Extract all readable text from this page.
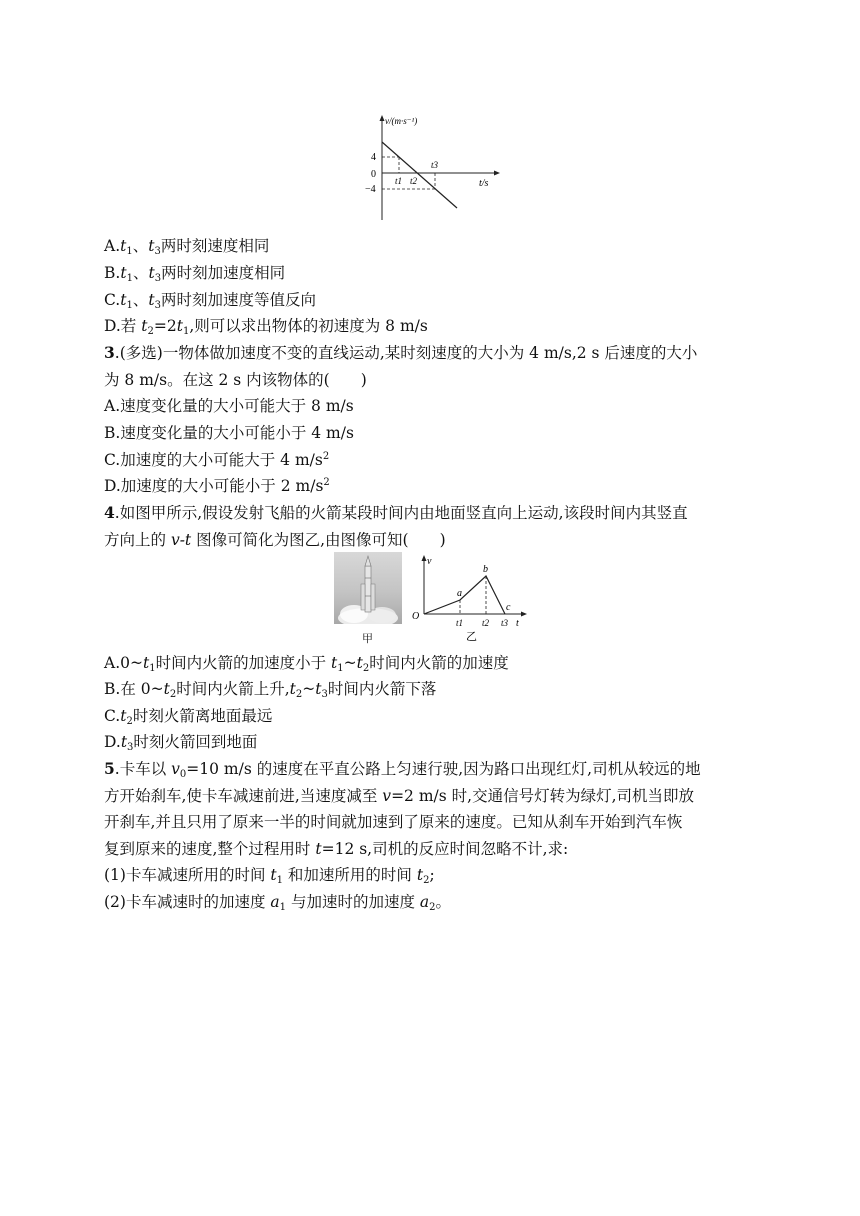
v/(m·s⁻¹)
4
0
−4
t1 t2
t3
t/s
$A.t_1$、$t_3$两时刻速度相同
$B.t_1$、$t_3$两时刻加速度相同
$C.t_1$、$t_3$两时刻加速度等值反向
D.若 $t_2=2t_1$,则可以求出物体的初速度为 8 m/s
3.(多选)一物体做加速度不变的直线运动,某时刻速度的大小为 4 m/s,2 s 后速度的大小
为 8 m/s。在这 2 s 内该物体的(　　)
A.速度变化量的大小可能大于 8 m/s
B.速度变化量的大小可能小于 4 m/s
C.加速度的大小可能大于 4 $m/s^2$
D.加速度的大小可能小于 2 $m/s^2$
4.如图甲所示,假设发射飞船的火箭某段时间内由地面竖直向上运动,该段时间内其竖直
方向上的 v-t 图像可简化为图乙,由图像可知(　　)
甲
v
O
a
b
c
t1 t2 t3 t
乙
$A.0\sim t_1$时间内火箭的加速度小于 $t_1\sim t_2$时间内火箭的加速度
B.在 $0\sim t_2$时间内火箭上升$,t_2\sim t_3$时间内火箭下落
$C.t_2$时刻火箭离地面最远
$D.t_3$时刻火箭回到地面
5.卡车以 $v_0=10$ m/s 的速度在平直公路上匀速行驶,因为路口出现红灯,司机从较远的地
方开始刹车,使卡车减速前进,当速度减至 v=2 m/s 时,交通信号灯转为绿灯,司机当即放
开刹车,并且只用了原来一半的时间就加速到了原来的速度。已知从刹车开始到汽车恢
复到原来的速度,整个过程用时 t=12 s,司机的反应时间忽略不计,求:
(1)卡车减速所用的时间 $t_1$ 和加速所用的时间 $t_2$;
(2)卡车减速时的加速度 $a_1$ 与加速时的加速度 $a_2$。
